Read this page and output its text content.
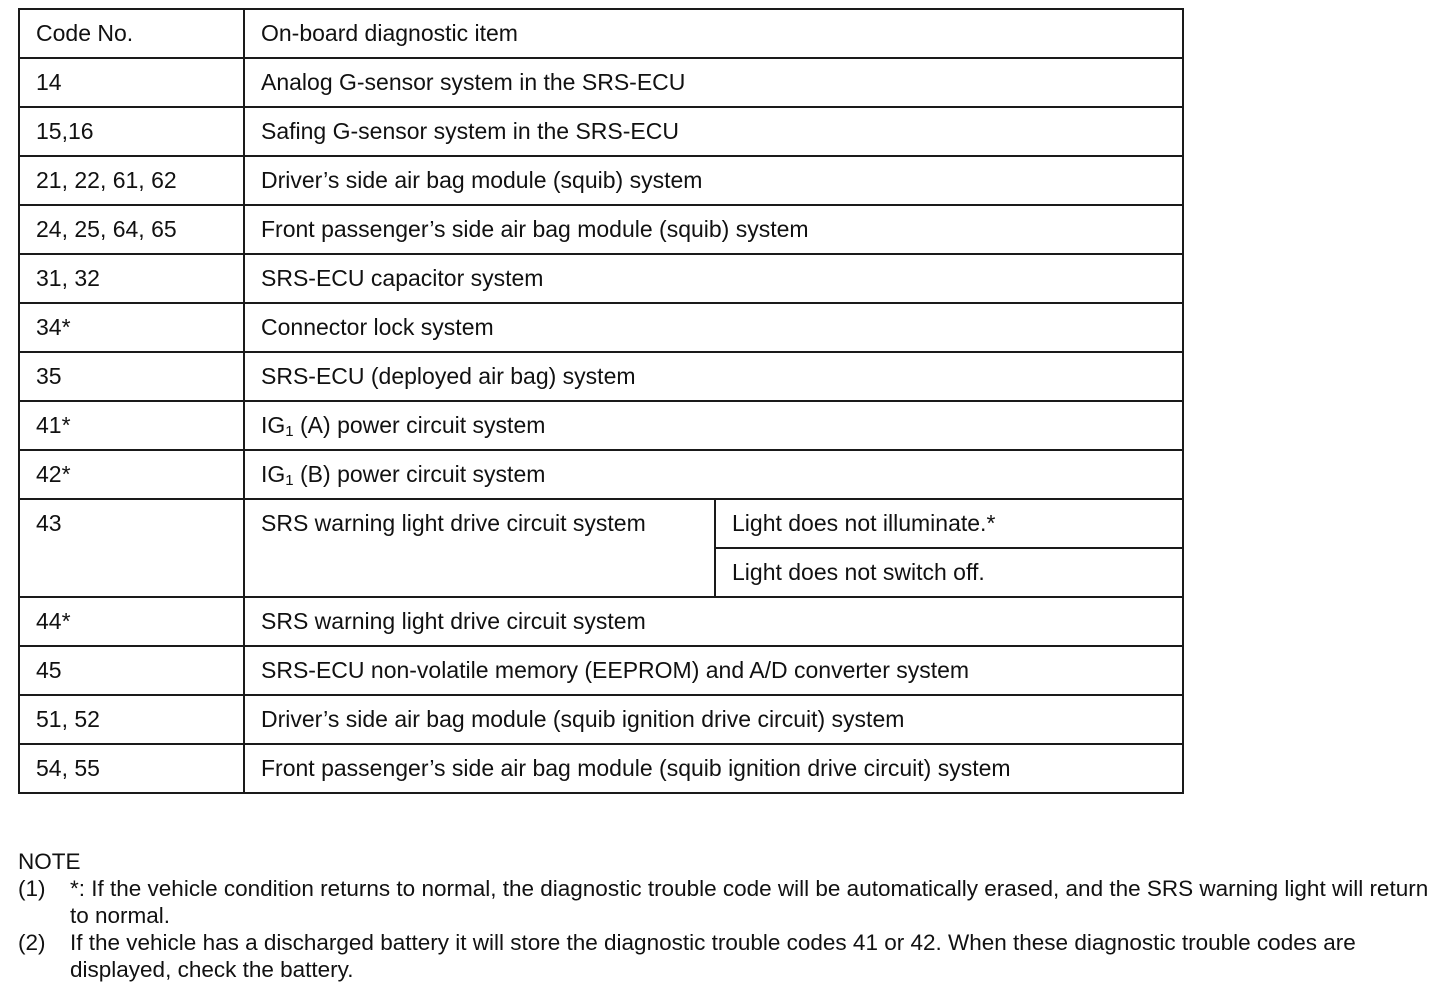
Code No.	On-board diagnostic item	
14	Analog G-sensor system in the SRS-ECU	
15,16	Safing G-sensor system in the SRS-ECU	
21, 22, 61, 62	Driver’s side air bag module (squib) system	
24, 25, 64, 65	Front passenger’s side air bag module (squib) system	
31, 32	SRS-ECU capacitor system	
34*	Connector lock system	
35	SRS-ECU (deployed air bag) system	
41*	$IG_1$ (A) power circuit system	
42*	$IG_1$ (B) power circuit system	
43	SRS warning light drive circuit system	Light does not illuminate.*
		Light does not switch off.
44*	SRS warning light drive circuit system	
45	SRS-ECU non-volatile memory (EEPROM) and A/D converter system	
51, 52	Driver’s side air bag module (squib ignition drive circuit) system	
54, 55	Front passenger’s side air bag module (squib ignition drive circuit) system	

NOTE

(1) *: If the vehicle condition returns to normal, the diagnostic trouble code will be automatically erased, and the SRS warning light will return to normal.

(2) If the vehicle has a discharged battery it will store the diagnostic trouble codes 41 or 42. When these diagnostic trouble codes are displayed, check the battery.
